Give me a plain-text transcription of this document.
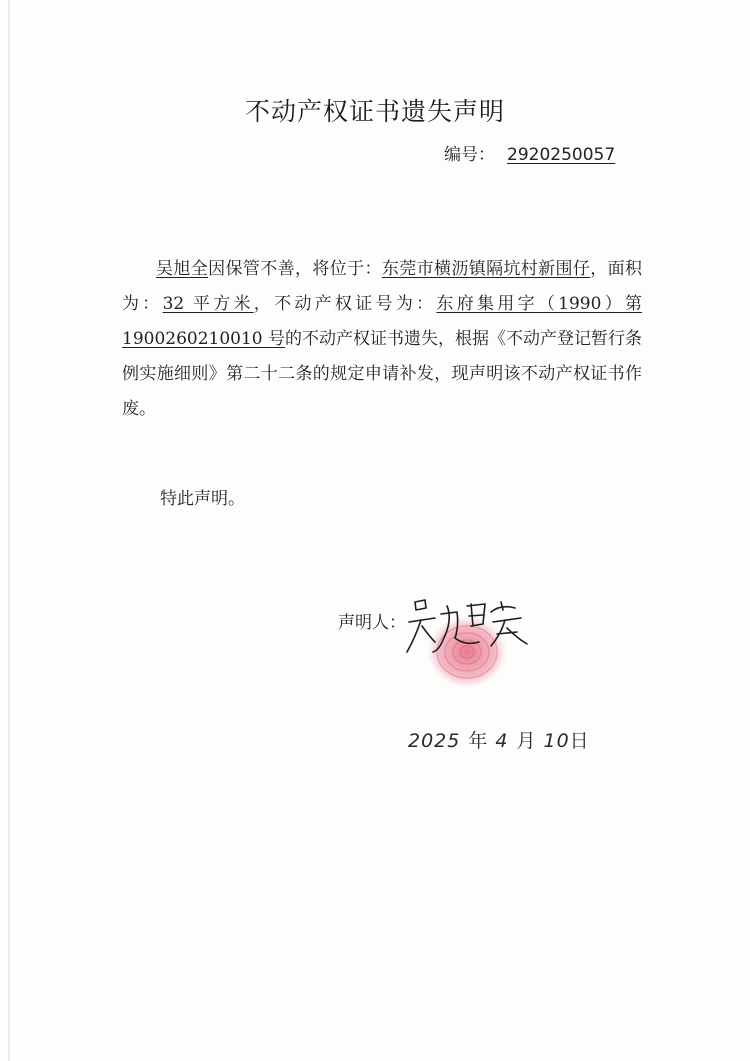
不动产权证书遗失声明
编号： 2920250057
吴旭全因保管不善，将位于：东莞市横沥镇隔坑村新围仔，面积为：32 平方米，不动产权证号为：东府集用字（1990）第 1900260210010 号的不动产权证书遗失，根据《不动产登记暂行条例实施细则》第二十二条的规定申请补发，现声明该不动产权证书作废。
特此声明。
声明人：
2025 年 4 月 10日
